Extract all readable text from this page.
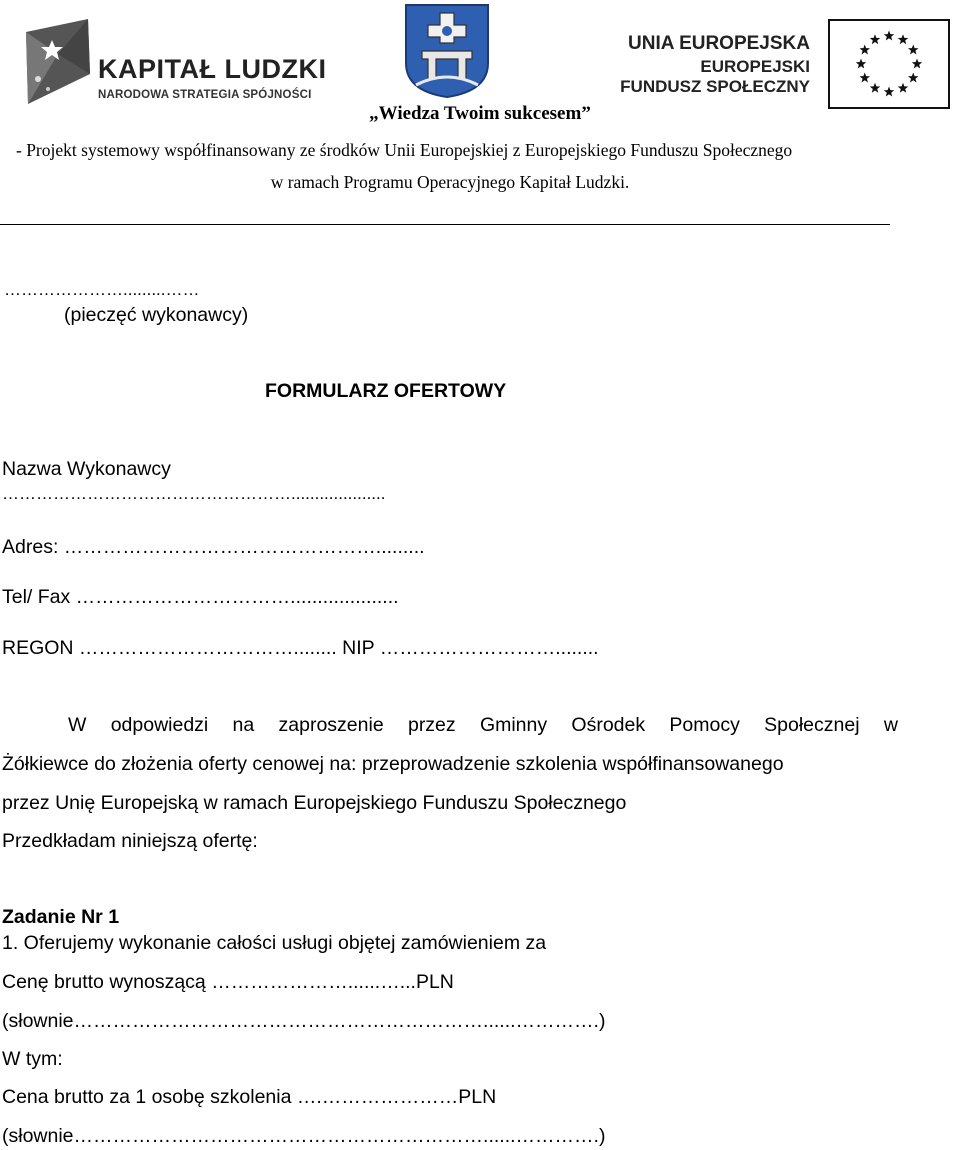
KAPITAŁ LUDZKI
NARODOWA STRATEGIA SPÓJNOŚCI
UNIA EUROPEJSKA
EUROPEJSKI
FUNDUSZ SPOŁECZNY
„Wiedza Twoim sukcesem”
- Projekt systemowy współfinansowany ze środków Unii Europejskiej z Europejskiego Funduszu Społecznego
w ramach Programu Operacyjnego Kapitał Ludzki.
………………….........……
(pieczęć wykonawcy)
FORMULARZ OFERTOWY
Nazwa Wykonawcy
……………………………………………....................
Adres: ………………………………………….........
Tel/ Fax ……………………………....................
REGON ……………………………........ NIP ………………………........
W odpowiedzi na zaproszenie przez Gminny Ośrodek Pomocy Społecznej w
Żółkiewce do złożenia oferty cenowej na: przeprowadzenie szkolenia współfinansowanego
przez Unię Europejską w ramach Europejskiego Funduszu Społecznego
Przedkładam niniejszą ofertę:
Zadanie Nr 1
1. Oferujemy wykonanie całości usługi objętej zamówieniem za
Cenę brutto wynoszącą …………………......…...PLN
(słownie………………………………………………………......………….)
W tym:
Cena brutto za 1 osobę szkolenia ….…………………PLN
(słownie………………………………………………………......………….)
